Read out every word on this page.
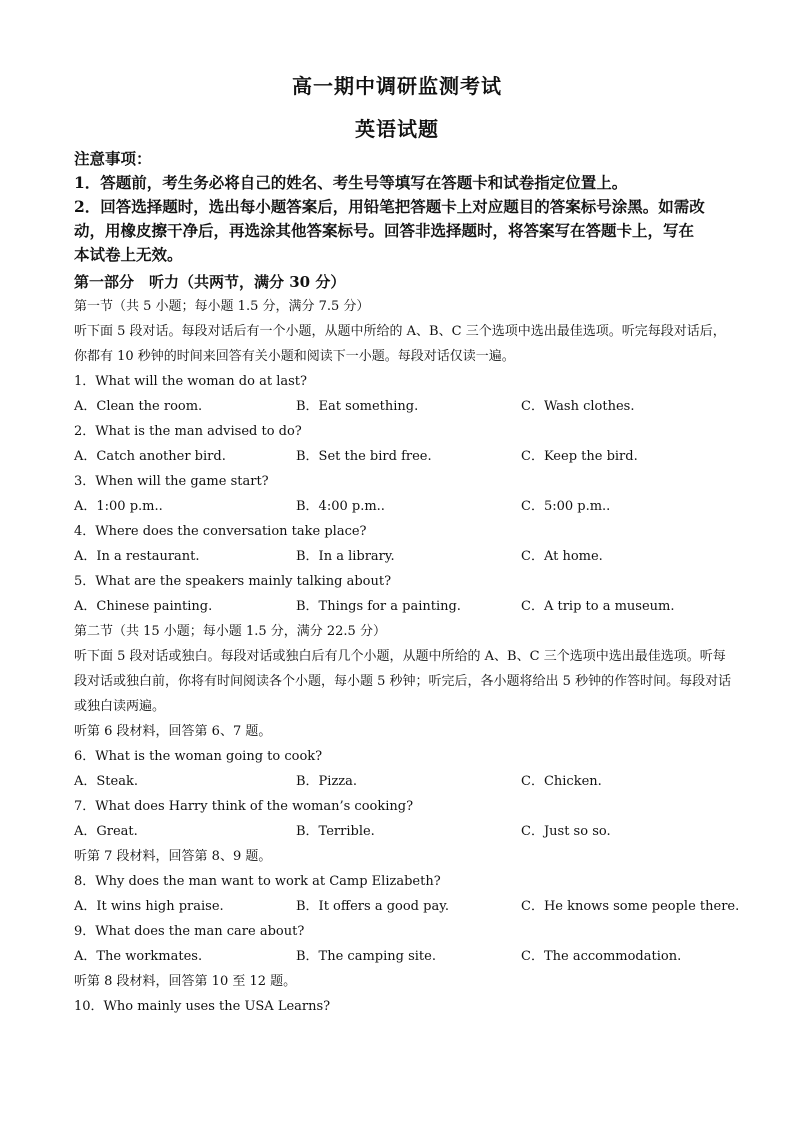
高一期中调研监测考试
英语试题
注意事项：
1．答题前，考生务必将自己的姓名、考生号等填写在答题卡和试卷指定位置上。
2．回答选择题时，选出每小题答案后，用铅笔把答题卡上对应题目的答案标号涂黑。如需改
动，用橡皮擦干净后，再选涂其他答案标号。回答非选择题时，将答案写在答题卡上，写在
本试卷上无效。
第一部分　听力（共两节，满分 30 分）
第一节（共 5 小题；每小题 1.5 分，满分 7.5 分）
听下面 5 段对话。每段对话后有一个小题，从题中所给的 A、B、C 三个选项中选出最佳选项。听完每段对话后，你都有 10 秒钟的时间来回答有关小题和阅读下一小题。每段对话仅读一遍。
1．What will the woman do at last?
A．Clean the room.	B．Eat something.	C．Wash clothes.
2．What is the man advised to do?
A．Catch another bird.	B．Set the bird free.	C．Keep the bird.
3．When will the game start?
A．1:00 p.m..	B．4:00 p.m..	C．5:00 p.m..
4．Where does the conversation take place?
A．In a restaurant.	B．In a library.	C．At home.
5．What are the speakers mainly talking about?
A．Chinese painting.	B．Things for a painting.	C．A trip to a museum.
第二节（共 15 小题；每小题 1.5 分，满分 22.5 分）
听下面 5 段对话或独白。每段对话或独白后有几个小题，从题中所给的 A、B、C 三个选项中选出最佳选项。听每段对话或独白前，你将有时间阅读各个小题，每小题 5 秒钟；听完后，各小题将给出 5 秒钟的作答时间。每段对话或独白读两遍。
听第 6 段材料，回答第 6、7 题。
6．What is the woman going to cook?
A．Steak.	B．Pizza.	C．Chicken.
7．What does Harry think of the woman’s cooking?
A．Great.	B．Terrible.	C．Just so so.
听第 7 段材料，回答第 8、9 题。
8．Why does the man want to work at Camp Elizabeth?
A．It wins high praise.	B．It offers a good pay.	C．He knows some people there.
9．What does the man care about?
A．The workmates.	B．The camping site.	C．The accommodation.
听第 8 段材料，回答第 10 至 12 题。
10．Who mainly uses the USA Learns?
